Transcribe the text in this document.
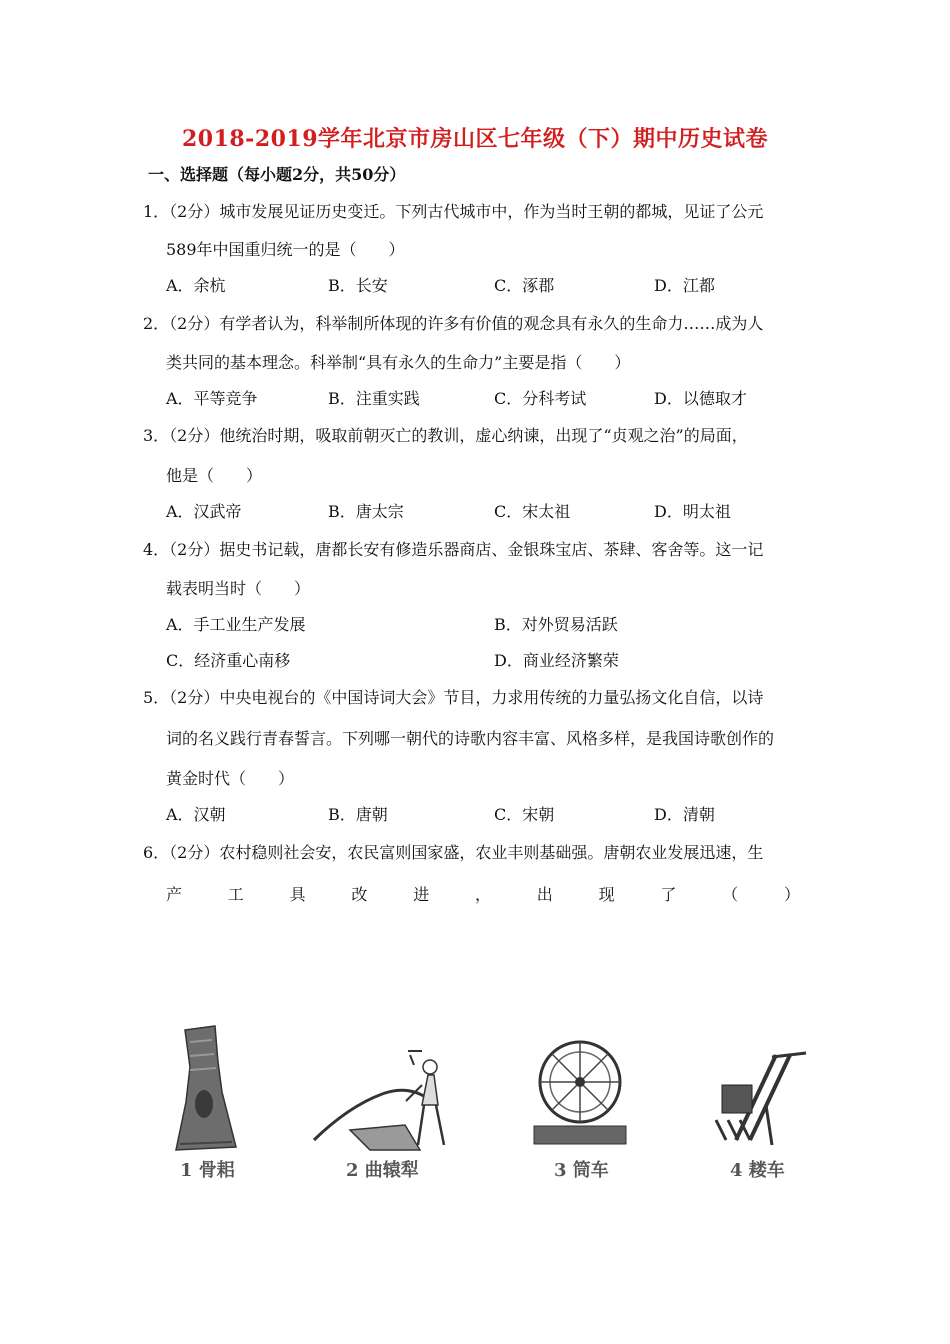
2018-2019学年北京市房山区七年级（下）期中历史试卷
一、选择题（每小题2分，共50分）
1．（2分）城市发展见证历史变迁。下列古代城市中，作为当时王朝的都城，见证了公元
589年中国重归统一的是（　　）
A．余杭	B．长安	C．涿郡	D．江都
2．（2分）有学者认为，科举制所体现的许多有价值的观念具有永久的生命力……成为人
类共同的基本理念。科举制“具有永久的生命力”主要是指（　　）
A．平等竞争	B．注重实践	C．分科考试	D．以德取才
3．（2分）他统治时期，吸取前朝灭亡的教训，虚心纳谏，出现了“贞观之治”的局面，
他是（　　）
A．汉武帝	B．唐太宗	C．宋太祖	D．明太祖
4．（2分）据史书记载，唐都长安有修造乐器商店、金银珠宝店、茶肆、客舍等。这一记
载表明当时（　　）
A．手工业生产发展	B．对外贸易活跃
C．经济重心南移	D．商业经济繁荣
5．（2分）中央电视台的《中国诗词大会》节目，力求用传统的力量弘扬文化自信，以诗
词的名义践行青春誓言。下列哪一朝代的诗歌内容丰富、风格多样，是我国诗歌创作的
黄金时代（　　）
A．汉朝	B．唐朝	C．宋朝	D．清朝
6．（2分）农村稳则社会安，农民富则国家盛，农业丰则基础强。唐朝农业发展迅速，生
产	工	具	改	进	，	出	现	了	（	）
1 骨耜	2 曲辕犁	3 筒车	4 耧车
